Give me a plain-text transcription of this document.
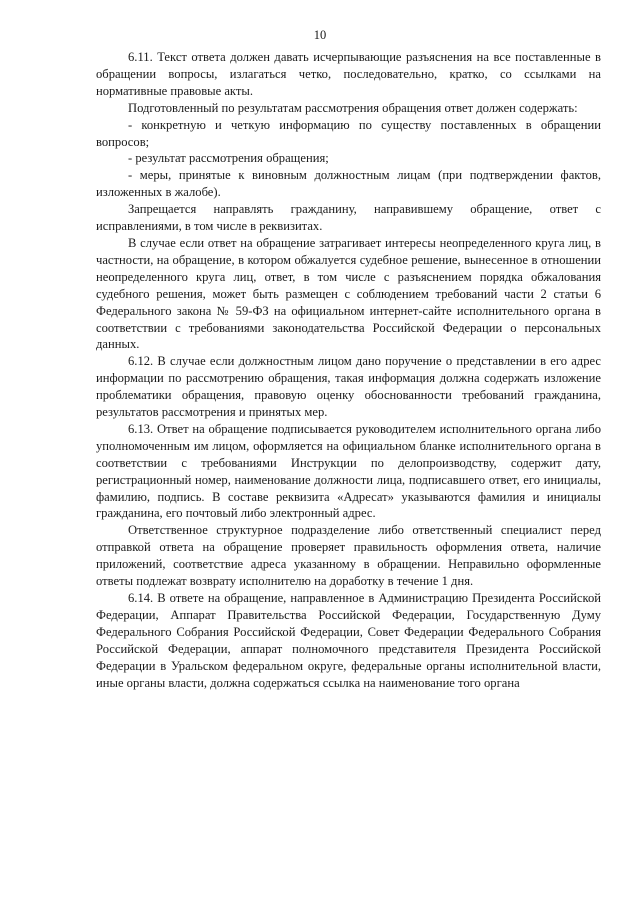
10

6.11. Текст ответа должен давать исчерпывающие разъяснения на все поставленные в обращении вопросы, излагаться четко, последовательно, кратко, со ссылками на нормативные правовые акты.

Подготовленный по результатам рассмотрения обращения ответ должен содержать:

- конкретную и четкую информацию по существу поставленных в обращении вопросов;

- результат рассмотрения обращения;

- меры, принятые к виновным должностным лицам (при подтверждении фактов, изложенных в жалобе).

Запрещается направлять гражданину, направившему обращение, ответ с исправлениями, в том числе в реквизитах.

В случае если ответ на обращение затрагивает интересы неопределенного круга лиц, в частности, на обращение, в котором обжалуется судебное решение, вынесенное в отношении неопределенного круга лиц, ответ, в том числе с разъяснением порядка обжалования судебного решения, может быть размещен с соблюдением требований части 2 статьи 6 Федерального закона № 59-ФЗ на официальном интернет-сайте исполнительного органа в соответствии с требованиями законодательства Российской Федерации о персональных данных.

6.12. В случае если должностным лицом дано поручение о представлении в его адрес информации по рассмотрению обращения, такая информация должна содержать изложение проблематики обращения, правовую оценку обоснованности требований гражданина, результатов рассмотрения и принятых мер.

6.13. Ответ на обращение подписывается руководителем исполнительного органа либо уполномоченным им лицом, оформляется на официальном бланке исполнительного органа в соответствии с требованиями Инструкции по делопроизводству, содержит дату, регистрационный номер, наименование должности лица, подписавшего ответ, его инициалы, фамилию, подпись. В составе реквизита «Адресат» указываются фамилия и инициалы гражданина, его почтовый либо электронный адрес.

Ответственное структурное подразделение либо ответственный специалист перед отправкой ответа на обращение проверяет правильность оформления ответа, наличие приложений, соответствие адреса указанному в обращении. Неправильно оформленные ответы подлежат возврату исполнителю на доработку в течение 1 дня.

6.14. В ответе на обращение, направленное в Администрацию Президента Российской Федерации, Аппарат Правительства Российской Федерации, Государственную Думу Федерального Собрания Российской Федерации, Совет Федерации Федерального Собрания Российской Федерации, аппарат полномочного представителя Президента Российской Федерации в Уральском федеральном округе, федеральные органы исполнительной власти, иные органы власти, должна содержаться ссылка на наименование того органа
